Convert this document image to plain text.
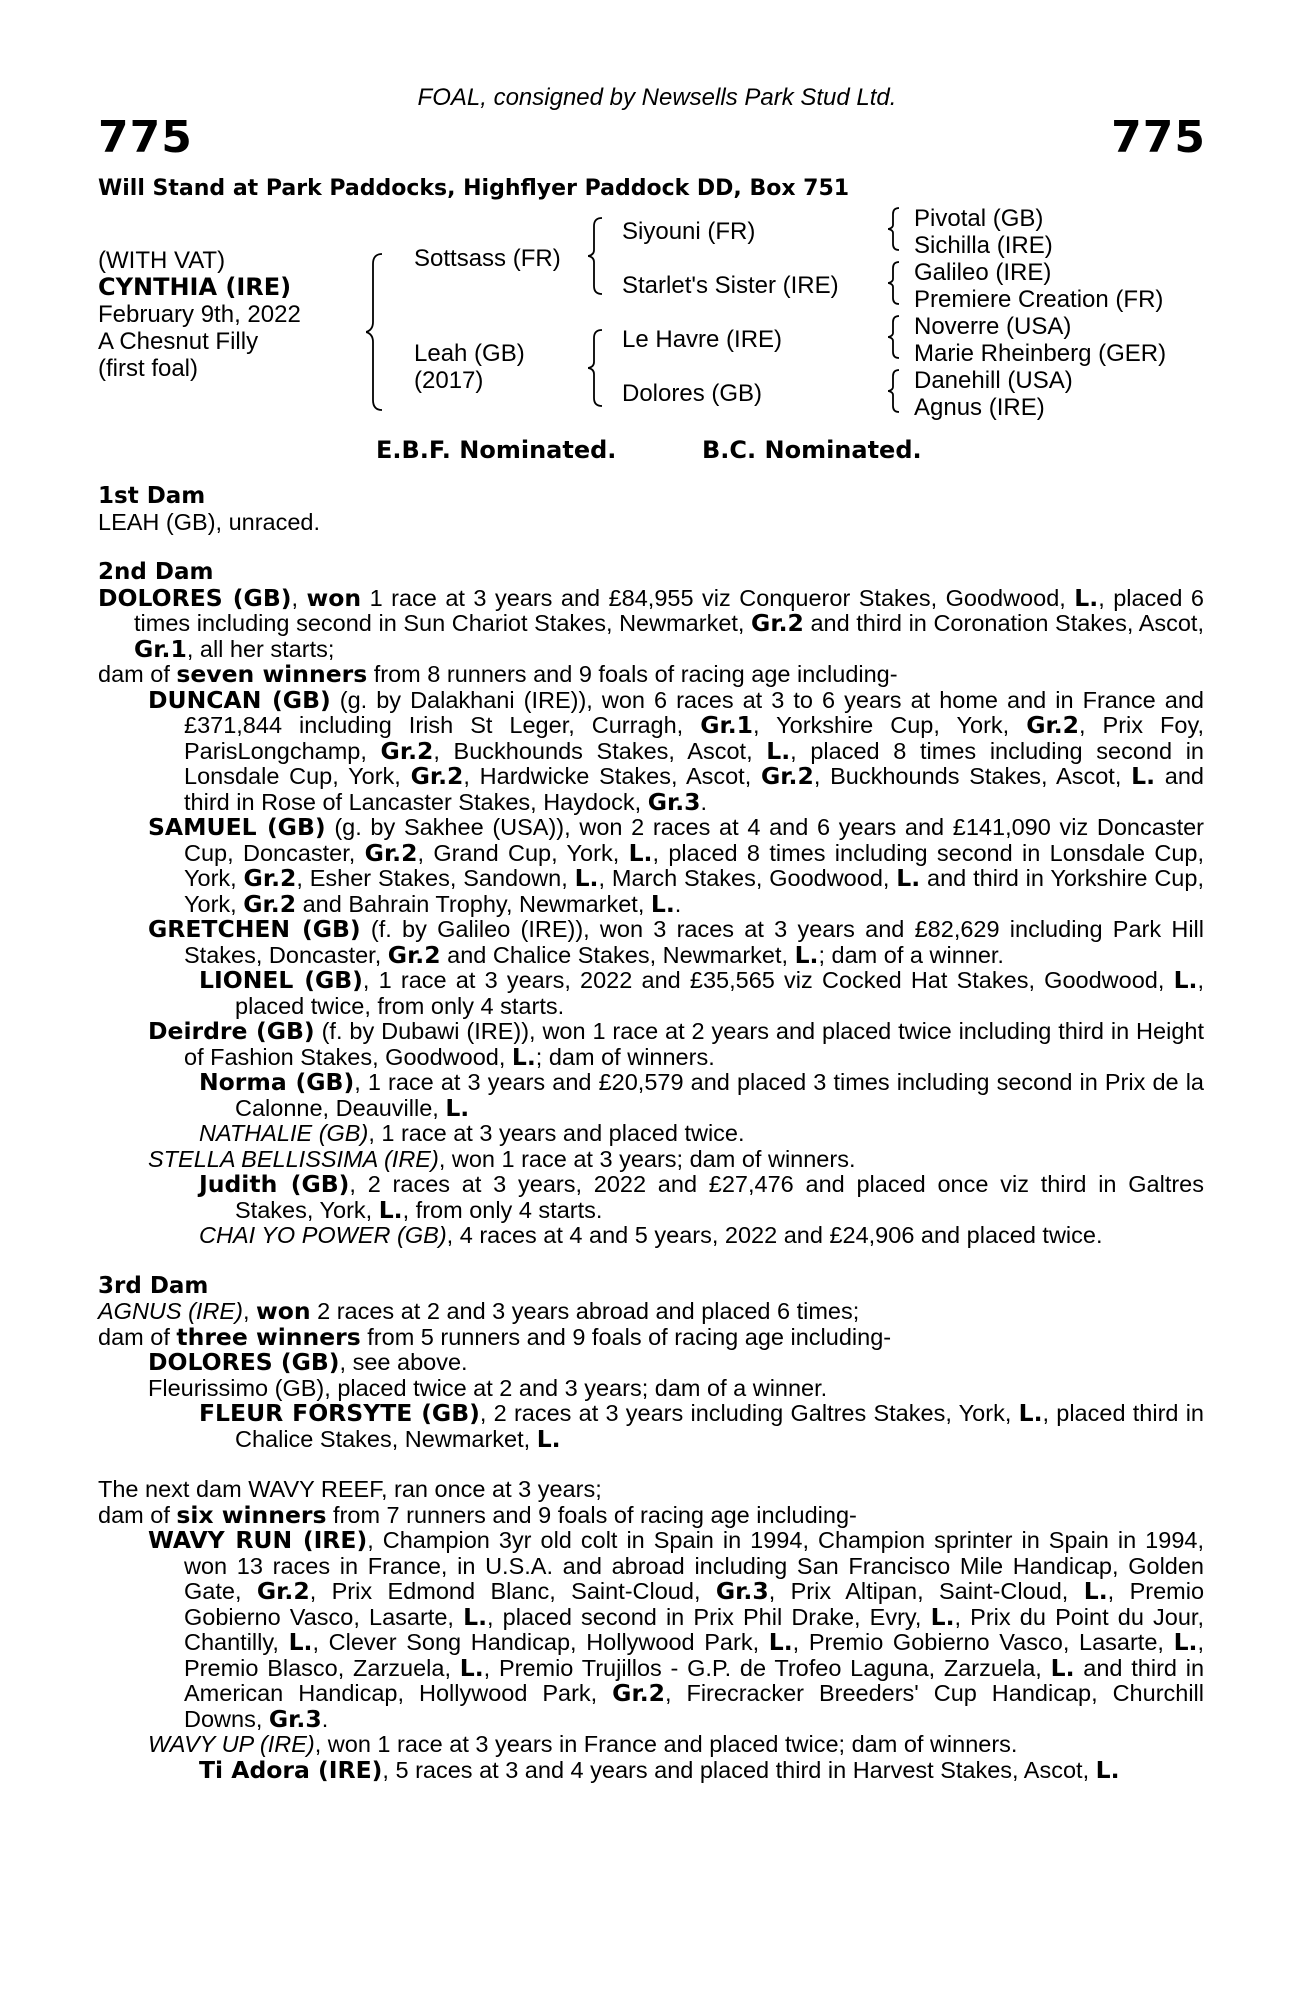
FOAL, consigned by Newsells Park Stud Ltd.
775	775
Will Stand at Park Paddocks, Highflyer Paddock DD, Box 751
(WITH VAT)
CYNTHIA (IRE)
February 9th, 2022
A Chesnut Filly
(first foal)
Sottsass (FR)
Leah (GB)
(2017)
Siyouni (FR)
Starlet's Sister (IRE)
Le Havre (IRE)
Dolores (GB)
Pivotal (GB)
Sichilla (IRE)
Galileo (IRE)
Premiere Creation (FR)
Noverre (USA)
Marie Rheinberg (GER)
Danehill (USA)
Agnus (IRE)
E.B.F. Nominated.	B.C. Nominated.
1st Dam
LEAH (GB), unraced.
2nd Dam
DOLORES (GB), won 1 race at 3 years and £84,955 viz Conqueror Stakes, Goodwood, L., placed 6 times including second in Sun Chariot Stakes, Newmarket, Gr.2 and third in Coronation Stakes, Ascot, Gr.1, all her starts;
dam of seven winners from 8 runners and 9 foals of racing age including-
DUNCAN (GB) (g. by Dalakhani (IRE)), won 6 races at 3 to 6 years at home and in France and £371,844 including Irish St Leger, Curragh, Gr.1, Yorkshire Cup, York, Gr.2, Prix Foy, ParisLongchamp, Gr.2, Buckhounds Stakes, Ascot, L., placed 8 times including second in Lonsdale Cup, York, Gr.2, Hardwicke Stakes, Ascot, Gr.2, Buckhounds Stakes, Ascot, L. and third in Rose of Lancaster Stakes, Haydock, Gr.3.
SAMUEL (GB) (g. by Sakhee (USA)), won 2 races at 4 and 6 years and £141,090 viz Doncaster Cup, Doncaster, Gr.2, Grand Cup, York, L., placed 8 times including second in Lonsdale Cup, York, Gr.2, Esher Stakes, Sandown, L., March Stakes, Goodwood, L. and third in Yorkshire Cup, York, Gr.2 and Bahrain Trophy, Newmarket, L..
GRETCHEN (GB) (f. by Galileo (IRE)), won 3 races at 3 years and £82,629 including Park Hill Stakes, Doncaster, Gr.2 and Chalice Stakes, Newmarket, L.; dam of a winner.
LIONEL (GB), 1 race at 3 years, 2022 and £35,565 viz Cocked Hat Stakes, Goodwood, L., placed twice, from only 4 starts.
Deirdre (GB) (f. by Dubawi (IRE)), won 1 race at 2 years and placed twice including third in Height of Fashion Stakes, Goodwood, L.; dam of winners.
Norma (GB), 1 race at 3 years and £20,579 and placed 3 times including second in Prix de la Calonne, Deauville, L.
NATHALIE (GB), 1 race at 3 years and placed twice.
STELLA BELLISSIMA (IRE), won 1 race at 3 years; dam of winners.
Judith (GB), 2 races at 3 years, 2022 and £27,476 and placed once viz third in Galtres Stakes, York, L., from only 4 starts.
CHAI YO POWER (GB), 4 races at 4 and 5 years, 2022 and £24,906 and placed twice.
3rd Dam
AGNUS (IRE), won 2 races at 2 and 3 years abroad and placed 6 times;
dam of three winners from 5 runners and 9 foals of racing age including-
DOLORES (GB), see above.
Fleurissimo (GB), placed twice at 2 and 3 years; dam of a winner.
FLEUR FORSYTE (GB), 2 races at 3 years including Galtres Stakes, York, L., placed third in Chalice Stakes, Newmarket, L.
The next dam WAVY REEF, ran once at 3 years;
dam of six winners from 7 runners and 9 foals of racing age including-
WAVY RUN (IRE), Champion 3yr old colt in Spain in 1994, Champion sprinter in Spain in 1994, won 13 races in France, in U.S.A. and abroad including San Francisco Mile Handicap, Golden Gate, Gr.2, Prix Edmond Blanc, Saint-Cloud, Gr.3, Prix Altipan, Saint-Cloud, L., Premio Gobierno Vasco, Lasarte, L., placed second in Prix Phil Drake, Evry, L., Prix du Point du Jour, Chantilly, L., Clever Song Handicap, Hollywood Park, L., Premio Gobierno Vasco, Lasarte, L., Premio Blasco, Zarzuela, L., Premio Trujillos - G.P. de Trofeo Laguna, Zarzuela, L. and third in American Handicap, Hollywood Park, Gr.2, Firecracker Breeders' Cup Handicap, Churchill Downs, Gr.3.
WAVY UP (IRE), won 1 race at 3 years in France and placed twice; dam of winners.
Ti Adora (IRE), 5 races at 3 and 4 years and placed third in Harvest Stakes, Ascot, L.
